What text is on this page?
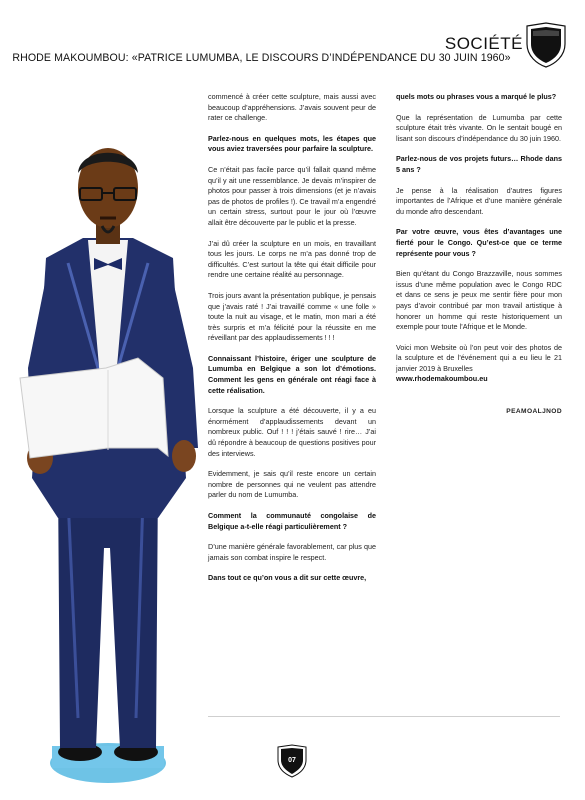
SOCIÉTÉ
RHODE MAKOUMBOU: «PATRICE LUMUMBA, LE DISCOURS D’INDÉPENDANCE DU 30 JUIN 1960»

commencé à créer cette sculpture, mais aussi avec beaucoup d’appréhensions. J’avais souvent peur de rater ce challenge.

Parlez-nous en quelques mots, les étapes que vous aviez traversées pour parfaire la sculpture.

Ce n’était pas facile parce qu’il fallait quand même qu’il y ait une ressemblance. Je devais m’inspirer de photos pour passer à trois dimensions (et je n’avais pas de photos de profiles !). Ce travail m’a engendré un certain stress, surtout pour le jour où l’œuvre allait être découverte par le public et la presse.

J’ai dû créer la sculpture en un mois, en travaillant tous les jours. Le corps ne m’a pas donné trop de difficultés. C’est surtout la tête qui était difficile pour rendre une certaine réalité au personnage.

Trois jours avant la présentation publique, je pensais que j’avais raté ! J’ai travaillé comme « une folle » toute la nuit au visage, et le matin, mon mari a été très surpris et m’a félicité pour la réussite en me réveillant par des applaudissements ! ! !

Connaissant l’histoire, ériger une sculpture de Lumumba en Belgique a son lot d’émotions. Comment les gens en générale ont réagi face à cette réalisation.

Lorsque la sculpture a été découverte, il y a eu énormément d’applaudissements devant un nombreux public. Ouf ! ! ! j’étais sauvé ! rire… J’ai dû répondre à beaucoup de questions positives pour des interviews.

Evidemment, je sais qu’il reste encore un certain nombre de personnes qui ne veulent pas attendre parler du nom de Lumumba.

Comment la communauté congolaise de Belgique a-t-elle réagi particulièrement ?

D’une manière générale favorablement, car plus que jamais son combat inspire le respect.

Dans tout ce qu’on vous a dit sur cette œuvre,

quels mots ou phrases vous a marqué le plus?

Que la représentation de Lumumba par cette sculpture était très vivante. On le sentait bougé en lisant son discours d’indépendance du 30 juin 1960.

Parlez-nous de vos projets futurs… Rhode dans 5 ans ?

Je pense à la réalisation d’autres figures importantes de l’Afrique et d’une manière générale du monde afro descendant.

Par votre œuvre, vous êtes d’avantages une fierté pour le Congo. Qu’est-ce que ce terme représente pour vous ?

Bien qu’étant du Congo Brazzaville, nous sommes issus d’une même population avec le Congo RDC et dans ce sens je peux me sentir fière pour mon pays d’avoir contribué par mon travail artistique à honorer un homme qui reste historiquement un exemple pour toute l’Afrique et le Monde.

Voici mon Website où l’on peut voir des photos de la sculpture et de l’événement qui a eu lieu le 21 janvier 2019 à Bruxelles

www.rhodemakoumbou.eu

PEAMOALJNOD
07
